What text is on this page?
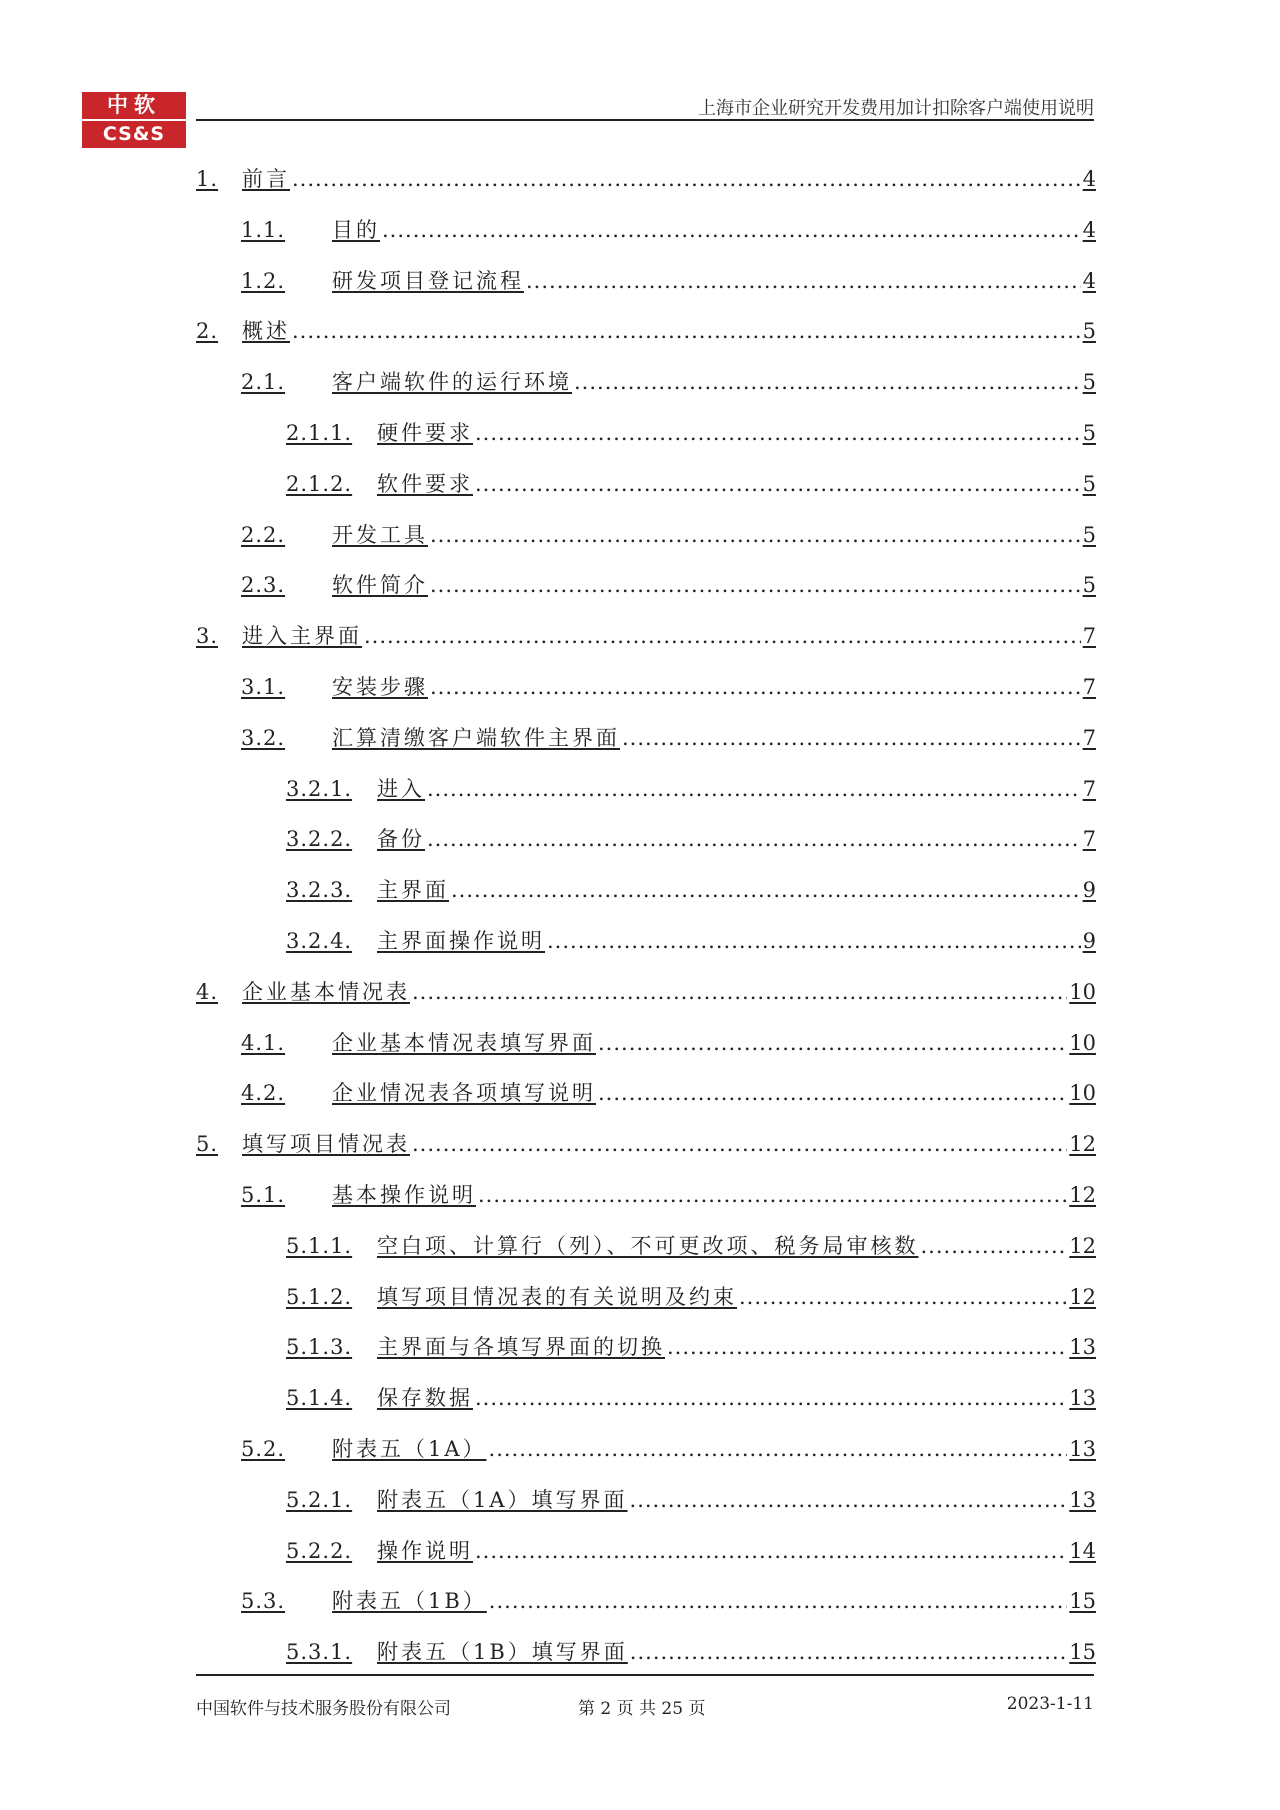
中软
CS&S	®
上海市企业研究开发费用加计扣除客户端使用说明
1.	前言 .....	4
1.1.	目的 .....	4
1.2.	研发项目登记流程 .....	4
2.	概述 .....	5
2.1.	客户端软件的运行环境 .....	5
2.1.1.	硬件要求 .....	5
2.1.2.	软件要求 .....	5
2.2.	开发工具 .....	5
2.3.	软件简介 .....	5
3.	进入主界面 .....	7
3.1.	安装步骤 .....	7
3.2.	汇算清缴客户端软件主界面 .....	7
3.2.1.	进入 .....	7
3.2.2.	备份 .....	7
3.2.3.	主界面 .....	9
3.2.4.	主界面操作说明 .....	9
4.	企业基本情况表 .....	10
4.1.	企业基本情况表填写界面 .....	10
4.2.	企业情况表各项填写说明 .....	10
5.	填写项目情况表 .....	12
5.1.	基本操作说明 .....	12
5.1.1.	空白项、计算行（列）、不可更改项、税务局审核数 .....	12
5.1.2.	填写项目情况表的有关说明及约束 .....	12
5.1.3.	主界面与各填写界面的切换 .....	13
5.1.4.	保存数据 .....	13
5.2.	附表五（1A） .....	13
5.2.1.	附表五（1A）填写界面 .....	13
5.2.2.	操作说明 .....	14
5.3.	附表五（1B） .....	15
5.3.1.	附表五（1B）填写界面 .....	15
中国软件与技术服务股份有限公司	第 2 页 共 25 页	2023-1-11
